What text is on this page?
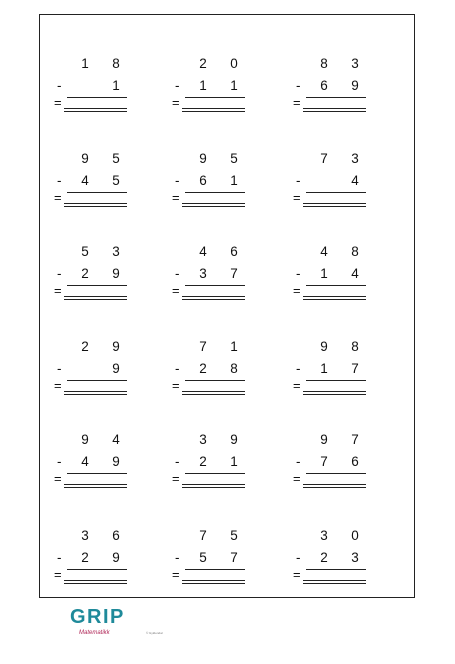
1 8
-	1
=
2 0
- 1 1
=
8 3
- 6 9
=
9 5
- 4 5
=
9 5
- 6 1
=
7 3
-	4
=
5 3
- 2 9
=
4 6
- 3 7
=
4 8
- 1 4
=
2 9
-	9
=
7 1
- 2 8
=
9 8
- 1 7
=
9 4
- 4 9
=
3 9
- 2 1
=
9 7
- 7 6
=
3 6
- 2 9
=
7 5
- 5 7
=
3 0
- 2 3
=
GRIP
Matematikk	© Gyldendal
